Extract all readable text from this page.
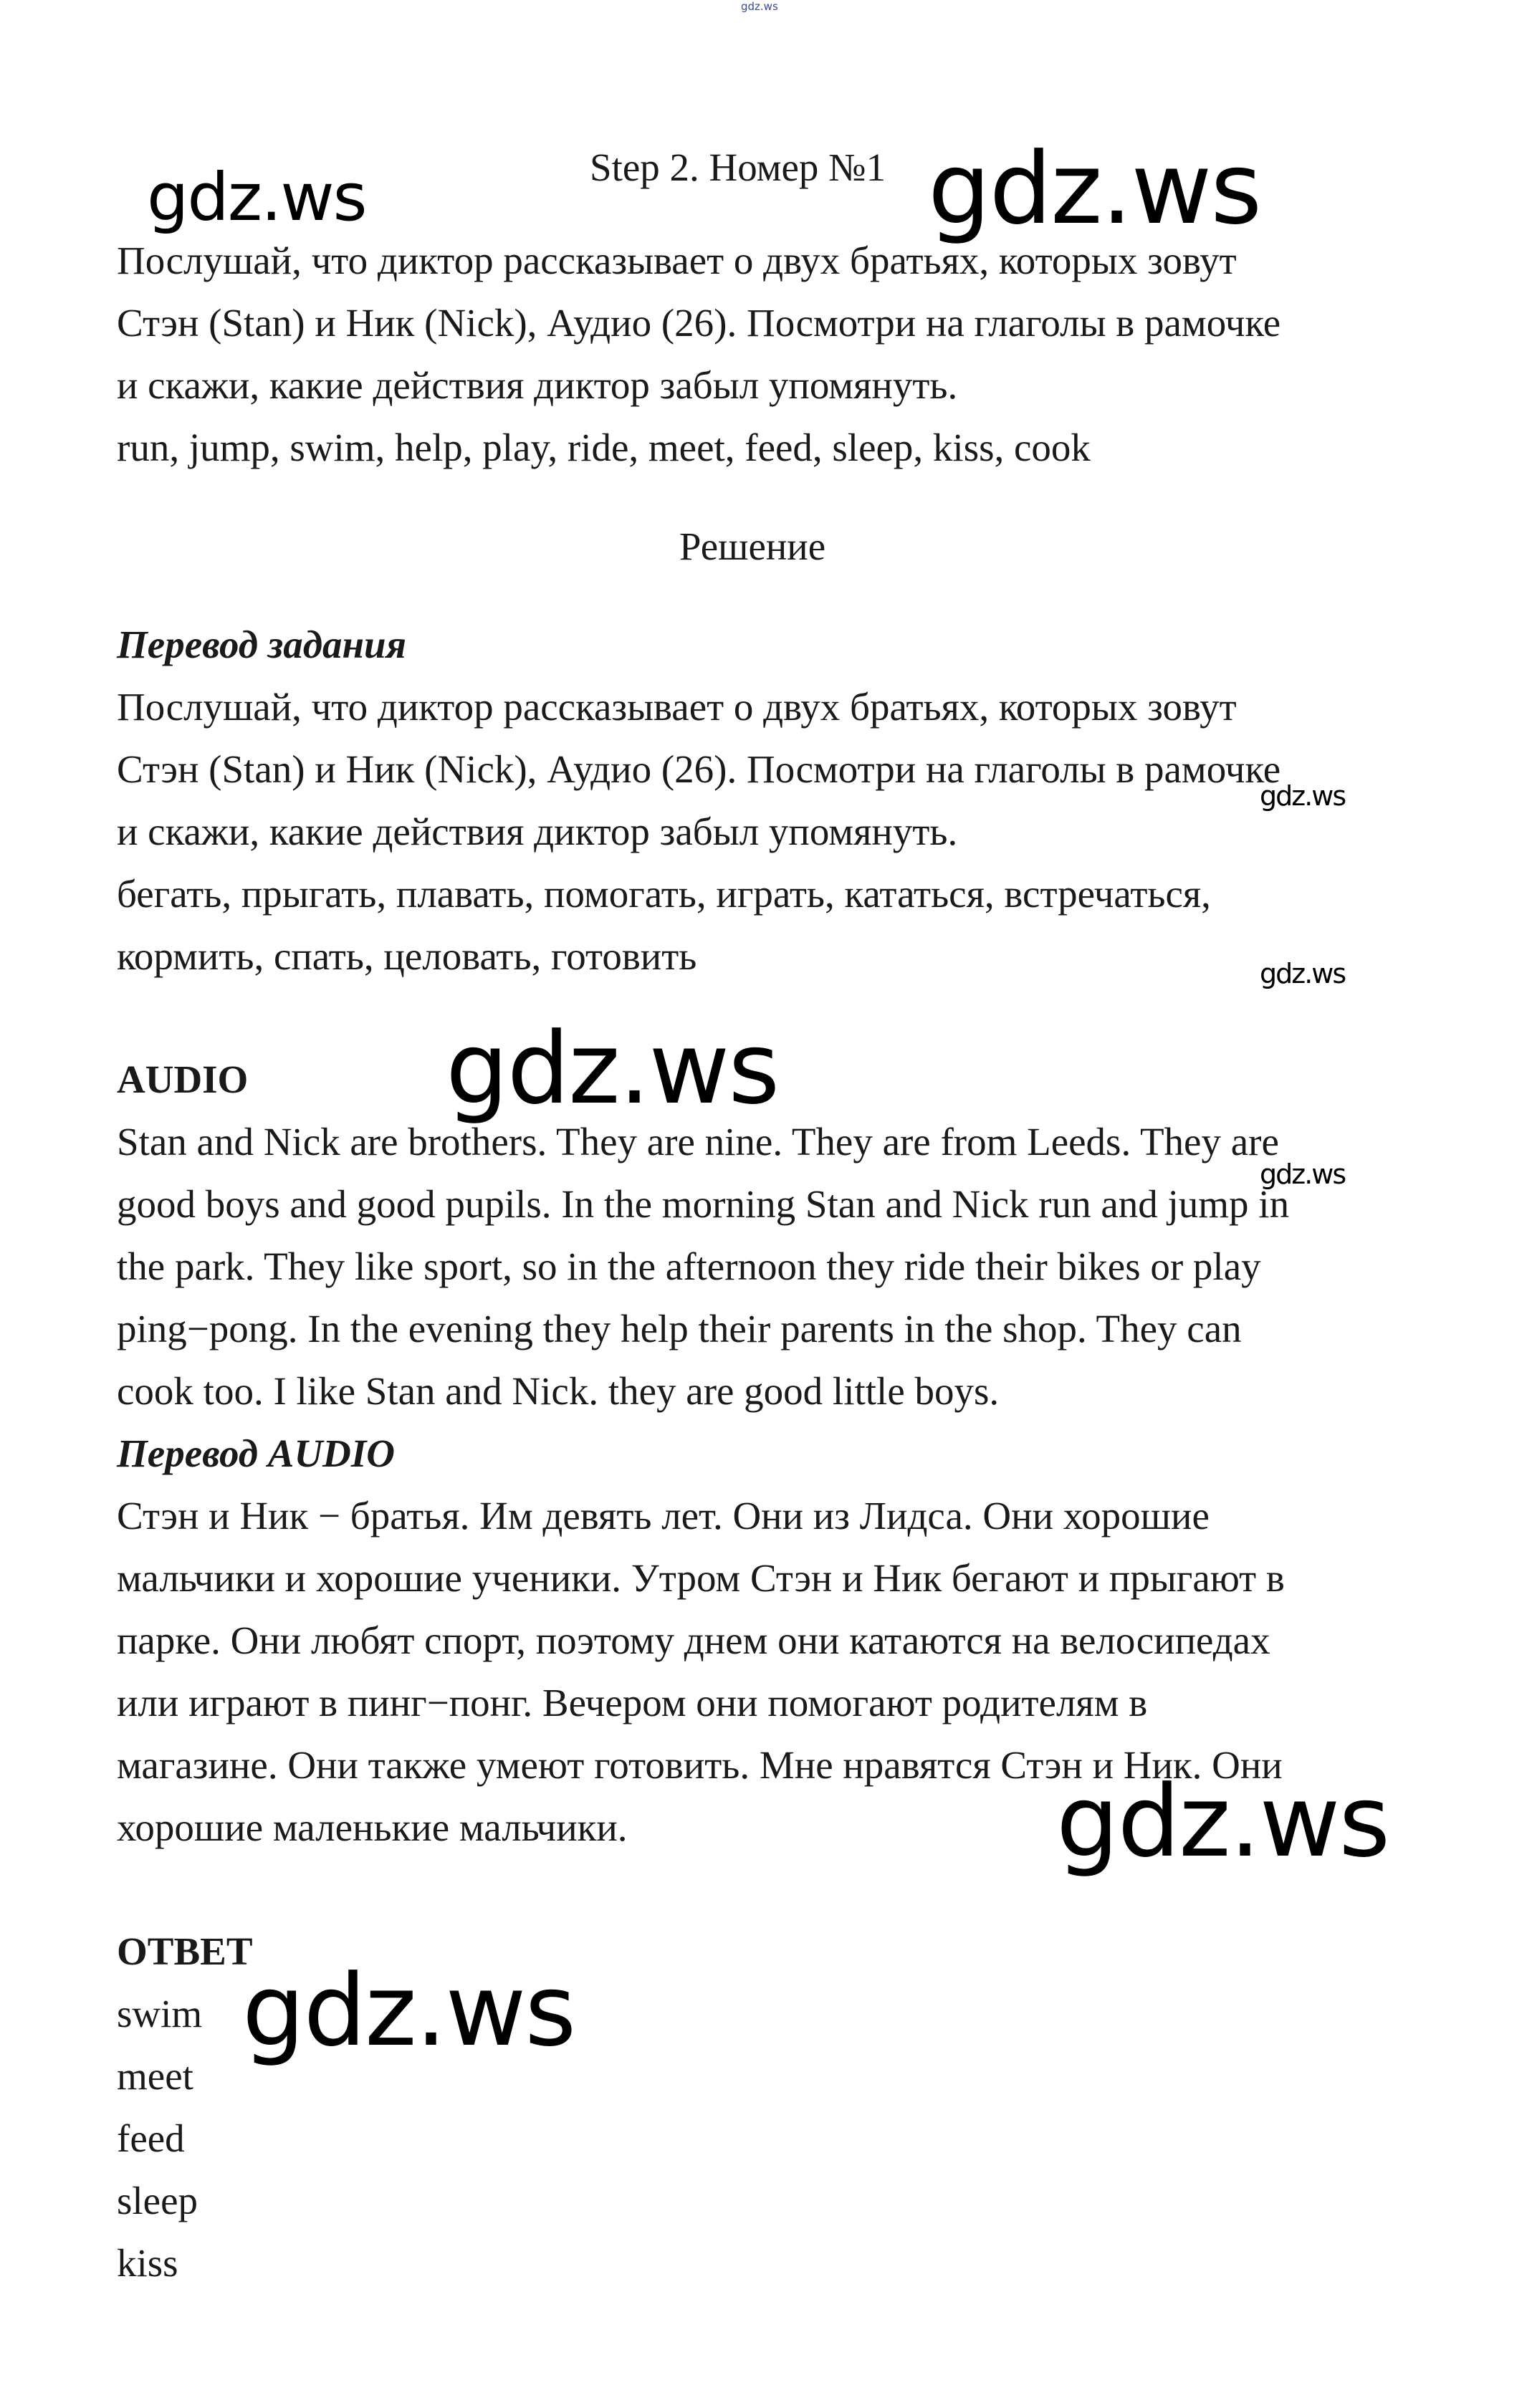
gdz.ws
Step 2. Номер №1
Послушай, что диктор рассказывает о двух братьях, которых зовут
Стэн (Stan) и Ник (Nick), Аудио (26). Посмотри на глаголы в рамочке
и скажи, какие действия диктор забыл упомянуть.
run, jump, swim, help, play, ride, meet, feed, sleep, kiss, cook
Решение
Перевод задания
Послушай, что диктор рассказывает о двух братьях, которых зовут
Стэн (Stan) и Ник (Nick), Аудио (26). Посмотри на глаголы в рамочке
и скажи, какие действия диктор забыл упомянуть.
бегать, прыгать, плавать, помогать, играть, кататься, встречаться,
кормить, спать, целовать, готовить
AUDIO
Stan and Nick are brothers. They are nine. They are from Leeds. They are
good boys and good pupils. In the morning Stan and Nick run and jump in
the park. They like sport, so in the afternoon they ride their bikes or play
ping−pong. In the evening they help their parents in the shop. They can
cook too. I like Stan and Nick. they are good little boys.
Перевод AUDIO
Стэн и Ник − братья. Им девять лет. Они из Лидса. Они хорошие
мальчики и хорошие ученики. Утром Стэн и Ник бегают и прыгают в
парке. Они любят спорт, поэтому днем они катаются на велосипедах
или играют в пинг−понг. Вечером они помогают родителям в
магазине. Они также умеют готовить. Мне нравятся Стэн и Ник. Они
хорошие маленькие мальчики.
ОТВЕТ
swim
meet
feed
sleep
kiss
gdz.ws	gdz.ws
gdz.ws
gdz.ws
gdz.ws
gdz.ws
gdz.ws
gdz.ws
